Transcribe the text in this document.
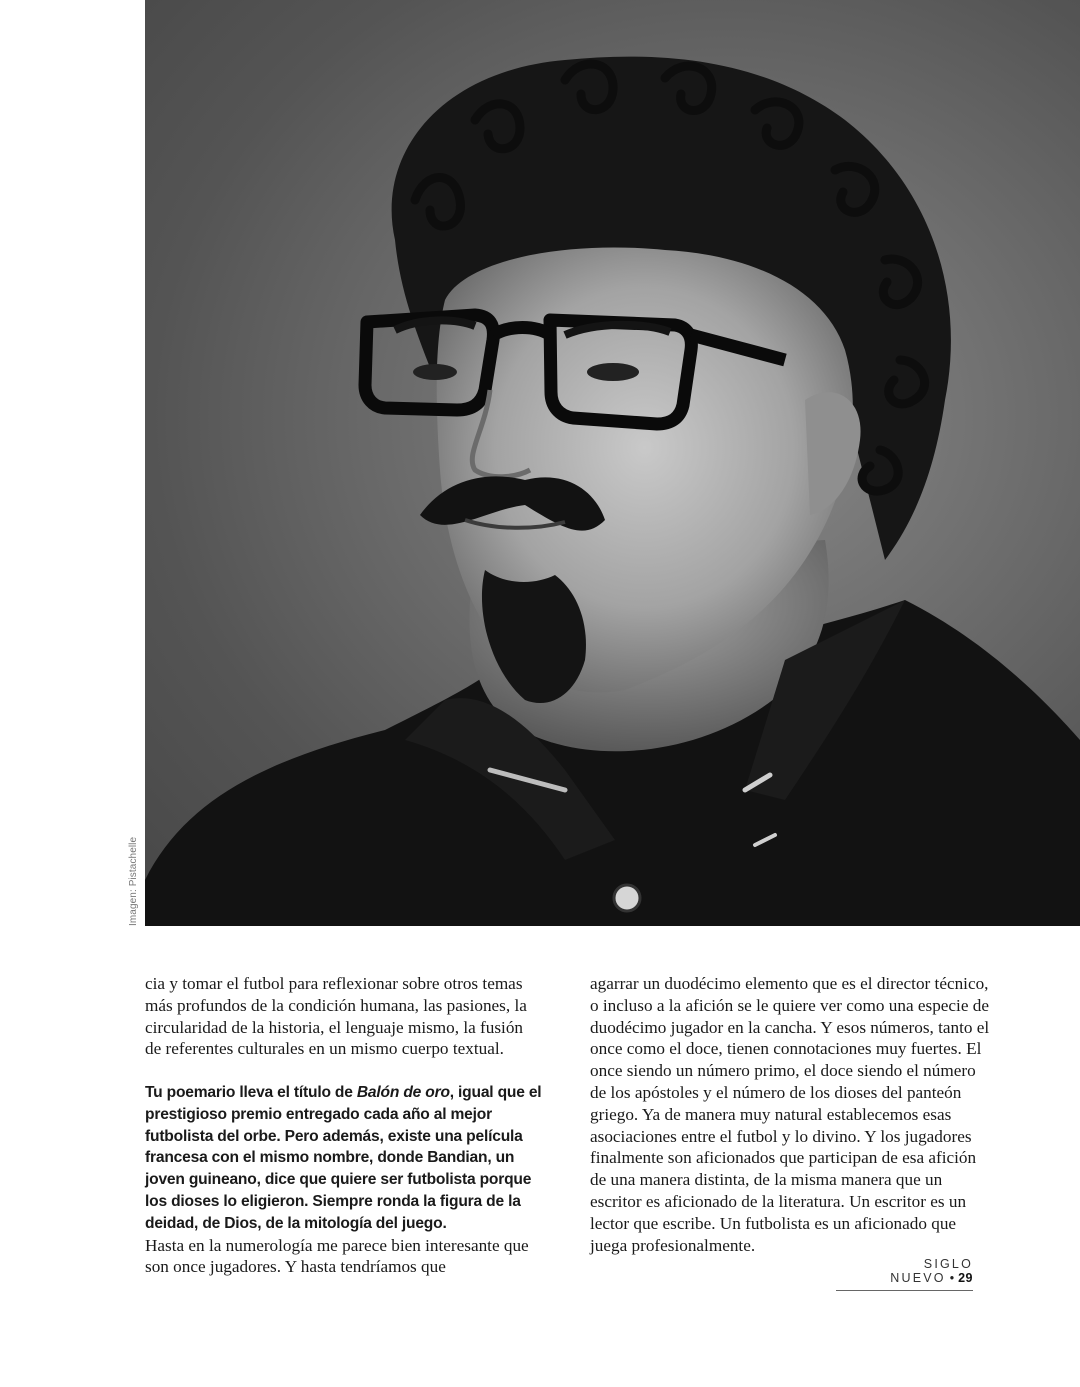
Imagen: Pistachelle

cia y tomar el futbol para reflexionar sobre otros temas más profundos de la condición humana, las pasiones, la circularidad de la historia, el lenguaje mismo, la fusión de referentes culturales en un mismo cuerpo textual.

Tu poemario lleva el título de Balón de oro, igual que el prestigioso premio entregado cada año al mejor futbolista del orbe. Pero además, existe una película francesa con el mismo nombre, donde Bandian, un joven guineano, dice que quiere ser futbolista porque los dioses lo eligieron. Siempre ronda la figura de la deidad, de Dios, de la mitología del juego.

Hasta en la numerología me parece bien interesante que son once jugadores. Y hasta tendríamos que

agarrar un duodécimo elemento que es el director técnico, o incluso a la afición se le quiere ver como una especie de duodécimo jugador en la cancha. Y esos números, tanto el once como el doce, tienen connotaciones muy fuertes. El once siendo un número primo, el doce siendo el número de los apóstoles y el número de los dioses del panteón griego. Ya de manera muy natural establecemos esas asociaciones entre el futbol y lo divino. Y los jugadores finalmente son aficionados que participan de esa afición de una manera distinta, de la misma manera que un escritor es aficionado de la literatura. Un escritor es un lector que escribe. Un futbolista es un aficionado que juega profesionalmente.

SIGLO NUEVO • 29
